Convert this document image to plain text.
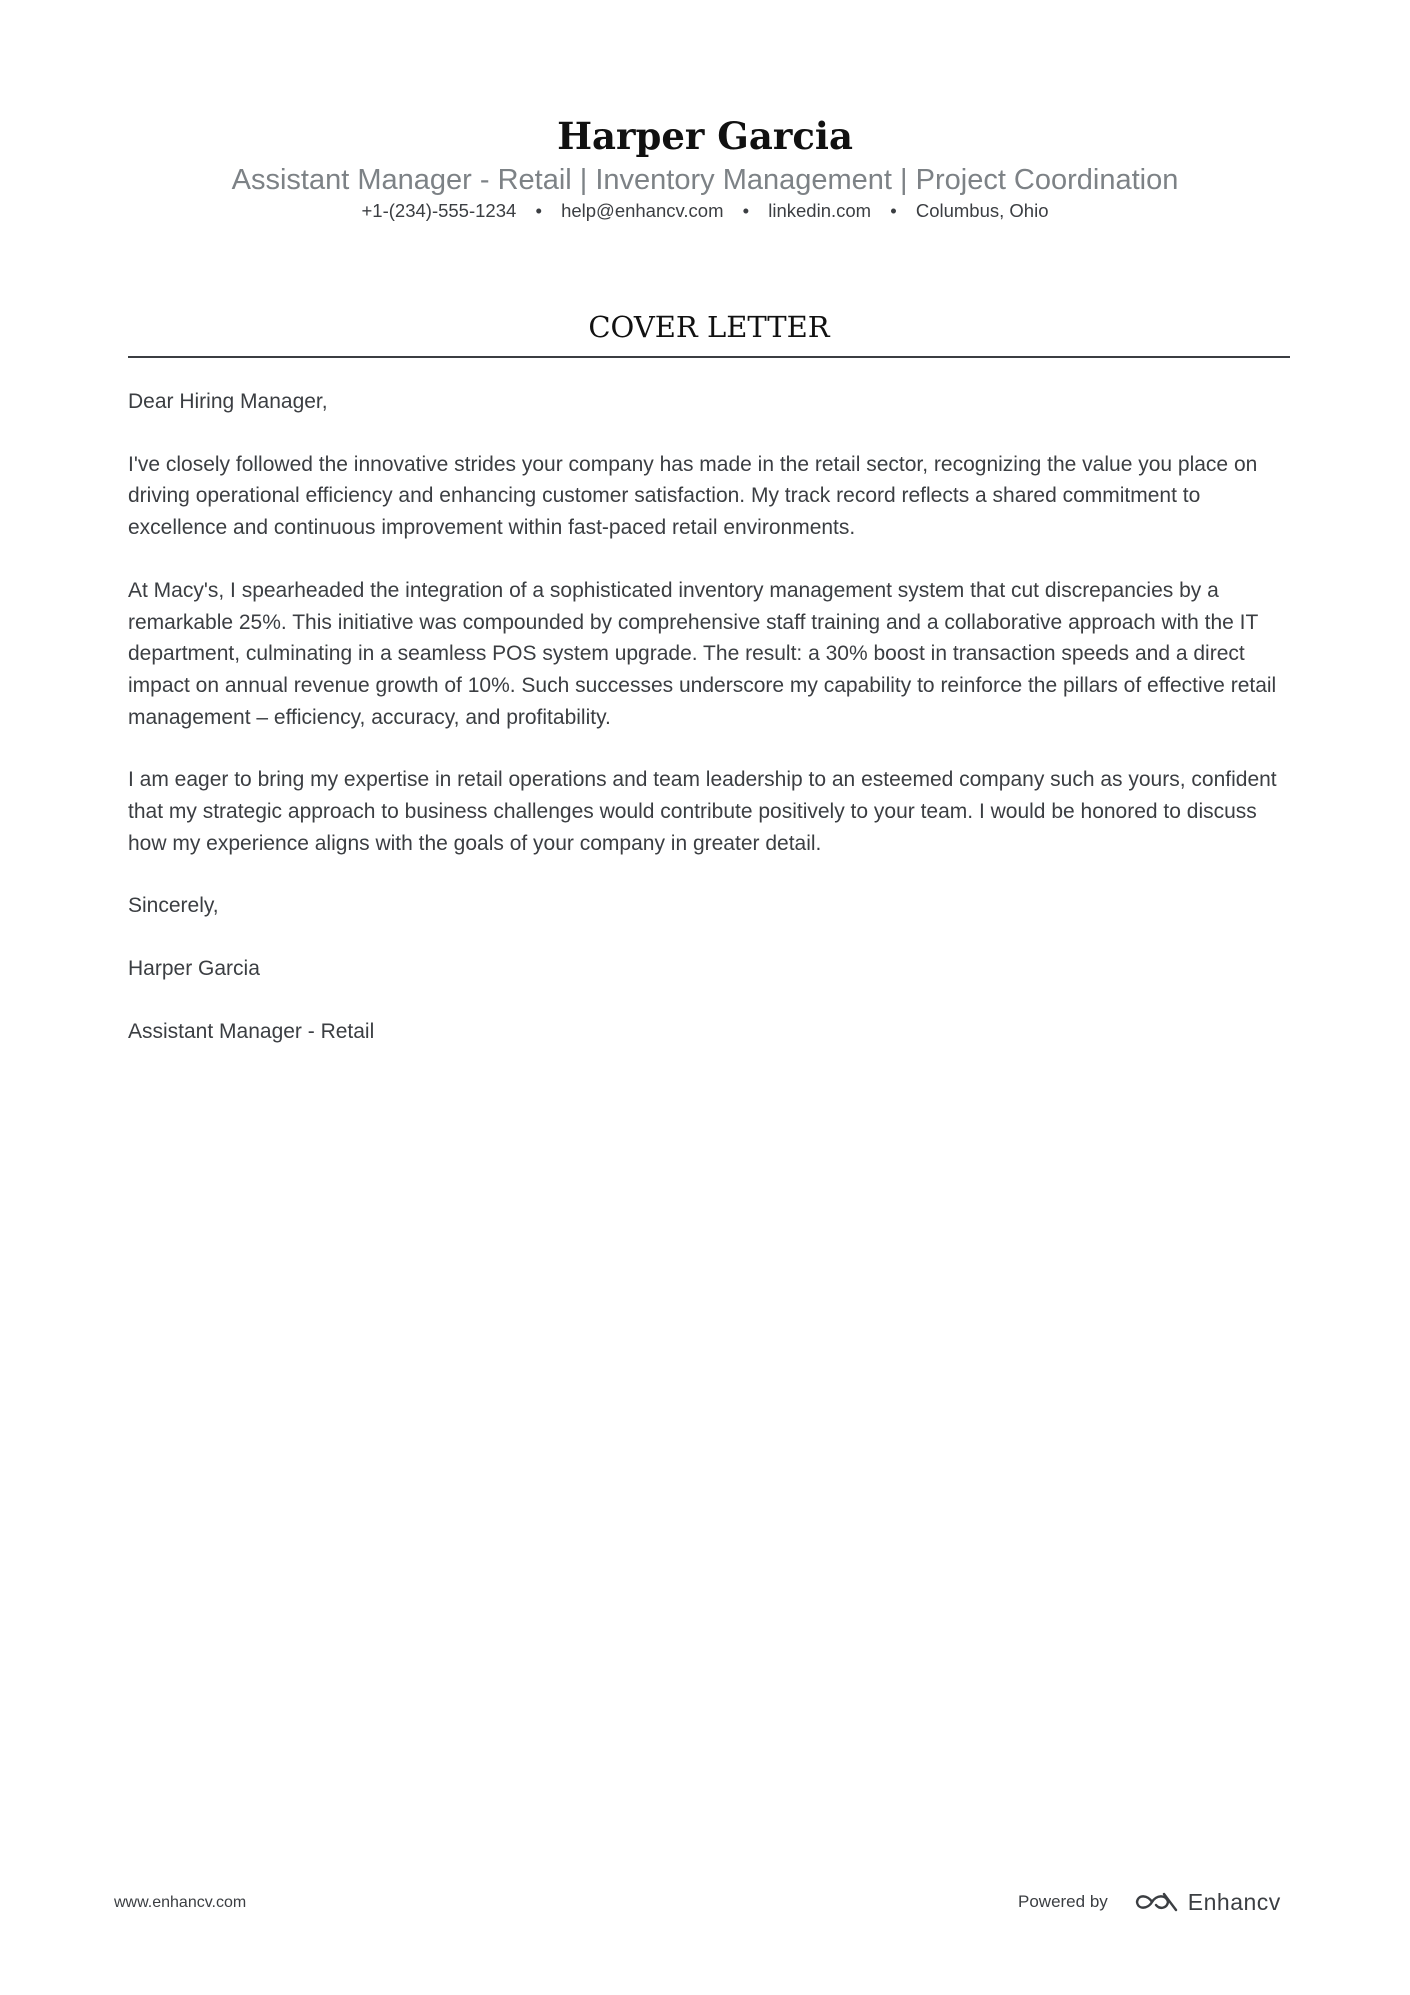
Harper Garcia
Assistant Manager - Retail | Inventory Management | Project Coordination
+1-(234)-555-1234 • help@enhancv.com • linkedin.com • Columbus, Ohio
COVER LETTER

Dear Hiring Manager,

I've closely followed the innovative strides your company has made in the retail sector, recognizing the value you place on driving operational efficiency and enhancing customer satisfaction. My track record reflects a shared commitment to excellence and continuous improvement within fast-paced retail environments.

At Macy's, I spearheaded the integration of a sophisticated inventory management system that cut discrepancies by a remarkable 25%. This initiative was compounded by comprehensive staff training and a collaborative approach with the IT department, culminating in a seamless POS system upgrade. The result: a 30% boost in transaction speeds and a direct impact on annual revenue growth of 10%. Such successes underscore my capability to reinforce the pillars of effective retail management – efficiency, accuracy, and profitability.

I am eager to bring my expertise in retail operations and team leadership to an esteemed company such as yours, confident that my strategic approach to business challenges would contribute positively to your team. I would be honored to discuss how my experience aligns with the goals of your company in greater detail.

Sincerely,

Harper Garcia

Assistant Manager - Retail

www.enhancv.com	Powered by	Enhancv
